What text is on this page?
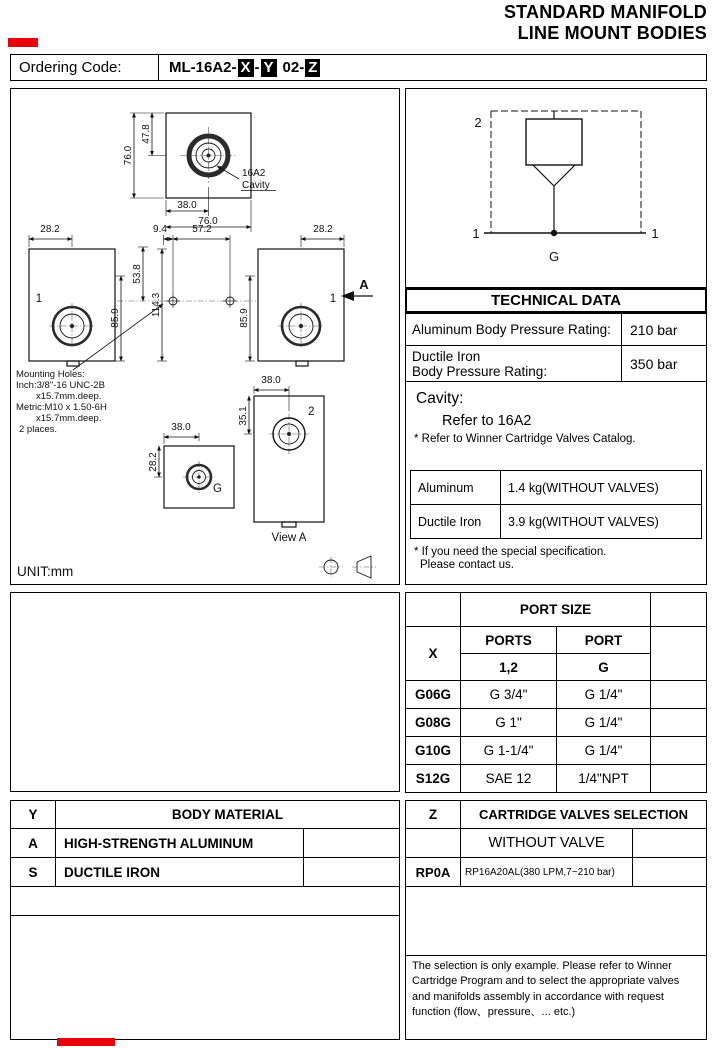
STANDARD MANIFOLD
LINE MOUNT BODIES
Ordering Code:	ML-16A2- X - Y 02- Z
76.0
47.8
38.0
76.0
16A2
Cavity
1	1
28.2	9.4	57.2	28.2
85.9
53.8
114.3
85.9
A
Mounting Holes:
Inch:3/8"-16 UNC-2B
x15.7mm.deep.
Metric:M10 x 1.50-6H
x15.7mm.deep.
2 places.
G
38.0
28.2
2
38.0
35.1
View A
UNIT:mm
2
1	1
G
TECHNICAL DATA
Aluminum Body Pressure Rating:	210 bar
Ductile Iron
Body Pressure Rating:	350 bar
Cavity:
Refer to 16A2
* Refer to Winner Cartridge Valves Catalog.
Aluminum	1.4 kg(WITHOUT VALVES)
Ductile Iron	3.9 kg(WITHOUT VALVES)
* If you need the special specification.
Please contact us.
	PORT SIZE		
X	PORTS	PORT	
	1,2	G	
G06G	G 3/4"	G 1/4"	
G08G	G 1"	G 1/4"	
G10G	G 1-1/4"	G 1/4"	
S12G	SAE 12	1/4"NPT	
Y	BODY MATERIAL	
A	HIGH-STRENGTH ALUMINUM	
S	DUCTILE IRON	

Z	CARTRIDGE VALVES SELECTION	
	WITHOUT VALVE	
RP0A	RP16A20AL(380 LPM,7~210 bar)	

The selection is only example. Please refer to Winner Cartridge Program and to select the appropriate valves and manifolds assembly in accordance with request function (flow、pressure、... etc.)		
